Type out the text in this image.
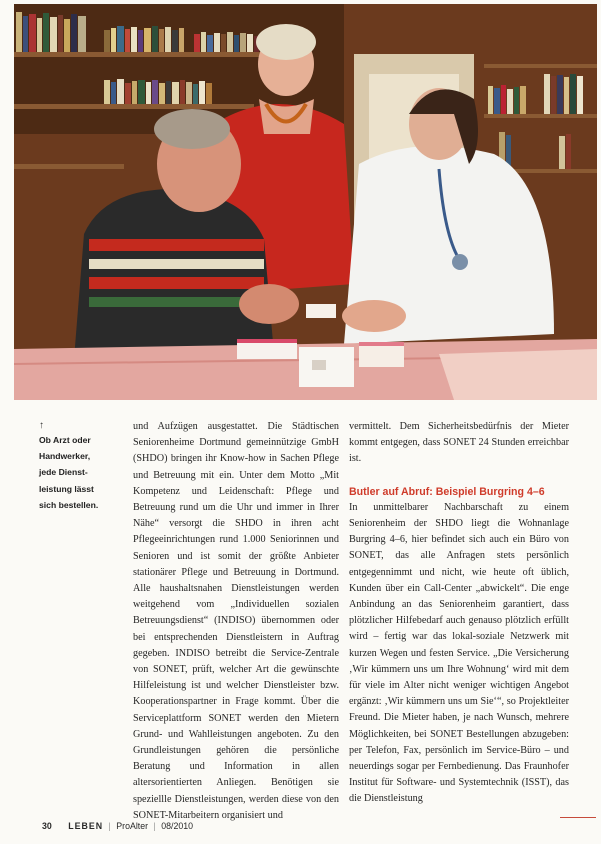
↑
Ob Arzt oder Handwerker, jede Dienst-leistung lässt sich bestellen.

und Aufzügen ausgestattet. Die Städtischen Seniorenheime Dortmund gemeinnützige GmbH (SHDO) bringen ihr Know-how in Sachen Pflege und Betreuung mit ein. Unter dem Motto „Mit Kompetenz und Leidenschaft: Pflege und Betreuung rund um die Uhr und immer in Ihrer Nähe“ versorgt die SHDO in ihren acht Pflegeeinrichtungen rund 1.000 Seniorinnen und Senioren und ist somit der größte Anbieter stationärer Pflege und Betreuung in Dortmund. Alle haushaltsnahen Dienstleistungen werden weitgehend vom „Individuellen sozialen Betreuungsdienst“ (INDISO) übernommen oder bei entsprechenden Dienstleistern in Auftrag gegeben. INDISO betreibt die Service-Zentrale von SONET, prüft, welcher Art die gewünschte Hilfeleistung ist und welcher Dienstleister bzw. Kooperationspartner in Frage kommt. Über die Serviceplattform SONET werden den Mietern Grund- und Wahlleistungen angeboten. Zu den Grundleistungen gehören die persönliche Beratung und Information in allen altersorientierten Anliegen. Benötigen sie speziellle Dienstleistungen, werden diese von den SONET-Mitarbeitern organisiert und

vermittelt. Dem Sicherheitsbedürfnis der Mieter kommt entgegen, dass SONET 24 Stunden erreichbar ist.

Butler auf Abruf: Beispiel Burgring 4–6

In unmittelbarer Nachbarschaft zu einem Seniorenheim der SHDO liegt die Wohnanlage Burgring 4–6, hier befindet sich auch ein Büro von SONET, das alle Anfragen stets persönlich entgegennimmt und nicht, wie heute oft üblich, Kunden über ein Call-Center „abwickelt“. Die enge Anbindung an das Seniorenheim garantiert, dass plötzlicher Hilfebedarf auch genauso plötzlich erfüllt wird – fertig war das lokal-soziale Netzwerk mit kurzen Wegen und festen Service. „Die Versicherung ‚Wir kümmern uns um Ihre Wohnung‘ wird mit dem für viele im Alter nicht weniger wichtigen Angebot ergänzt: ‚Wir kümmern uns um Sie‘“, so Projektleiter Freund. Die Mieter haben, je nach Wunsch, mehrere Möglichkeiten, bei SONET Bestellungen abzugeben: per Telefon, Fax, persönlich im Service-Büro – und neuerdings sogar per Fernbedienung. Das Fraunhofer Institut für Software- und Systemtechnik (ISST), das die Dienstleistung

30 LEBEN | ProAlter | 08/2010
